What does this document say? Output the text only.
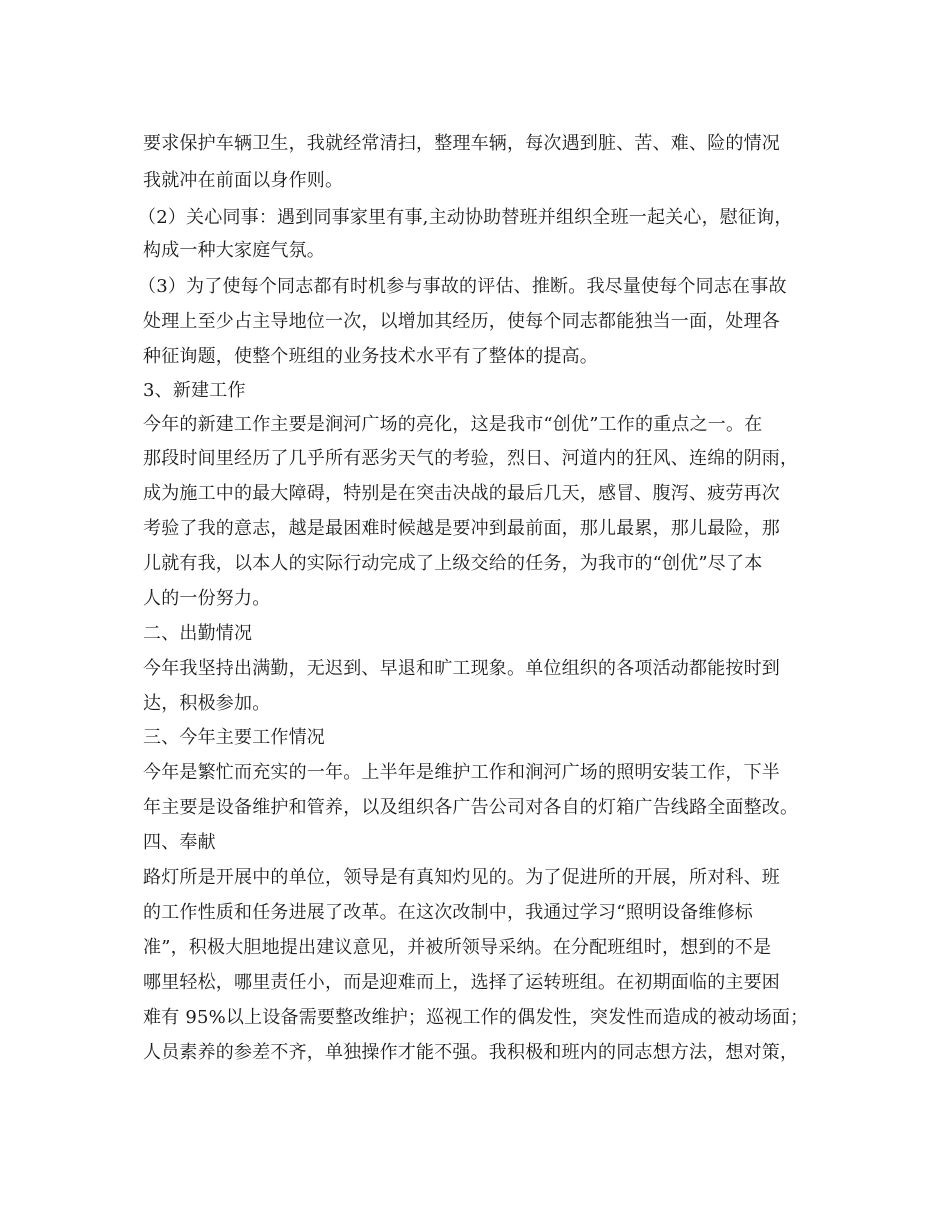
要求保护车辆卫生，我就经常清扫，整理车辆，每次遇到脏、苦、难、险的情况
我就冲在前面以身作则。
（2）关心同事：遇到同事家里有事,主动协助替班并组织全班一起关心，慰征询，
构成一种大家庭气氛。
（3）为了使每个同志都有时机参与事故的评估、推断。我尽量使每个同志在事故
处理上至少占主导地位一次，以增加其经历，使每个同志都能独当一面，处理各
种征询题，使整个班组的业务技术水平有了整体的提高。
3、新建工作
今年的新建工作主要是涧河广场的亮化，这是我市“创优”工作的重点之一。在
那段时间里经历了几乎所有恶劣天气的考验，烈日、河道内的狂风、连绵的阴雨，
成为施工中的最大障碍，特别是在突击决战的最后几天，感冒、腹泻、疲劳再次
考验了我的意志，越是最困难时候越是要冲到最前面，那儿最累，那儿最险，那
儿就有我，以本人的实际行动完成了上级交给的任务，为我市的“创优”尽了本
人的一份努力。
二、出勤情况
今年我坚持出满勤，无迟到、早退和旷工现象。单位组织的各项活动都能按时到
达，积极参加。
三、今年主要工作情况
今年是繁忙而充实的一年。上半年是维护工作和涧河广场的照明安装工作，下半
年主要是设备维护和管养，以及组织各广告公司对各自的灯箱广告线路全面整改。
四、奉献
路灯所是开展中的单位，领导是有真知灼见的。为了促进所的开展，所对科、班
的工作性质和任务进展了改革。在这次改制中，我通过学习“照明设备维修标
准”，积极大胆地提出建议意见，并被所领导采纳。在分配班组时，想到的不是
哪里轻松，哪里责任小，而是迎难而上，选择了运转班组。在初期面临的主要困
难有 95%以上设备需要整改维护；巡视工作的偶发性，突发性而造成的被动场面；
人员素养的参差不齐，单独操作才能不强。我积极和班内的同志想方法，想对策，
